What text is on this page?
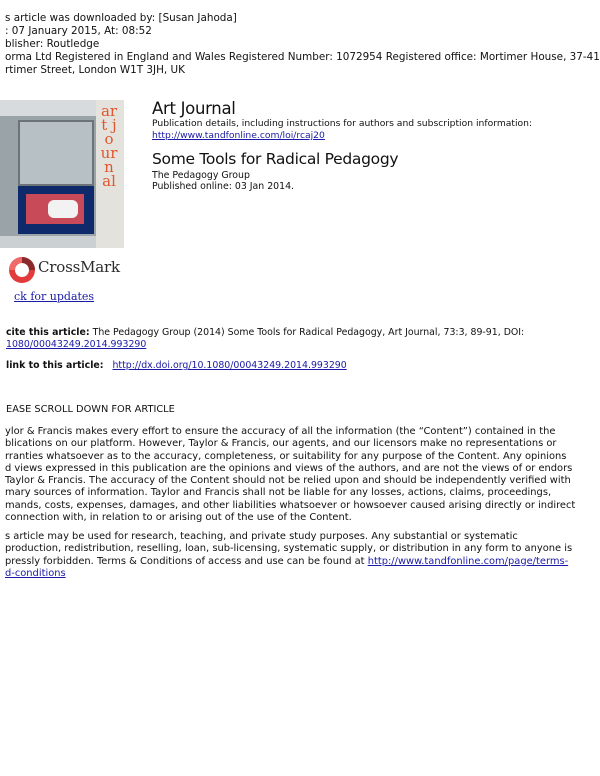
s article was downloaded by: [Susan Jahoda]
: 07 January 2015, At: 08:52
blisher: Routledge
orma Ltd Registered in England and Wales Registered Number: 1072954 Registered office: Mortimer House, 37-41
rtimer Street, London W1T 3JH, UK
art journal
CrossMark
ck for updates
Art Journal
Publication details, including instructions for authors and subscription information:
http://www.tandfonline.com/loi/rcaj20
Some Tools for Radical Pedagogy
The Pedagogy Group
Published online: 03 Jan 2014.
cite this article: The Pedagogy Group (2014) Some Tools for Radical Pedagogy, Art Journal, 73:3, 89-91, DOI:
1080/00043249.2014.993290
link to this article: http://dx.doi.org/10.1080/00043249.2014.993290
EASE SCROLL DOWN FOR ARTICLE
ylor & Francis makes every effort to ensure the accuracy of all the information (the “Content”) contained in the
blications on our platform. However, Taylor & Francis, our agents, and our licensors make no representations or
rranties whatsoever as to the accuracy, completeness, or suitability for any purpose of the Content. Any opinions
d views expressed in this publication are the opinions and views of the authors, and are not the views of or endors
Taylor & Francis. The accuracy of the Content should not be relied upon and should be independently verified with
mary sources of information. Taylor and Francis shall not be liable for any losses, actions, claims, proceedings,
mands, costs, expenses, damages, and other liabilities whatsoever or howsoever caused arising directly or indirect
connection with, in relation to or arising out of the use of the Content.
s article may be used for research, teaching, and private study purposes. Any substantial or systematic
production, redistribution, reselling, loan, sub-licensing, systematic supply, or distribution in any form to anyone is
pressly forbidden. Terms & Conditions of access and use can be found at http://www.tandfonline.com/page/terms-
d-conditions
